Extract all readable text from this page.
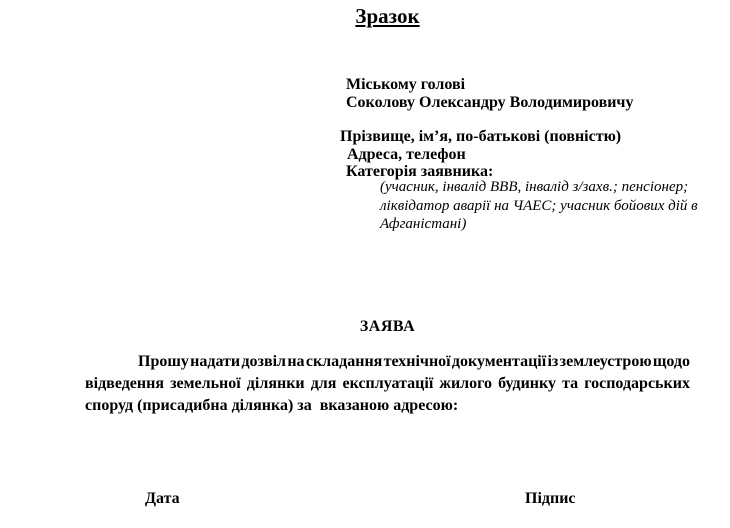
Зразок
Міському голові
Соколову Олександру Володимировичу
Прізвище, ім’я, по-батькові (повністю)
Адреса, телефон
Категорія заявника:
(учасник, інвалід ВВВ, інвалід з/захв.; пенсіонер;
ліквідатор аварії на ЧАЕС; учасник бойових дій в
Афганістані)
ЗАЯВА
Прошу надати дозвіл на складання технічної документації із землеустрою щодо
відведення земельної ділянки для експлуатації жилого будинку та господарських
споруд (присадибна ділянка) за  вказаною адресою:
Дата	Підпис
